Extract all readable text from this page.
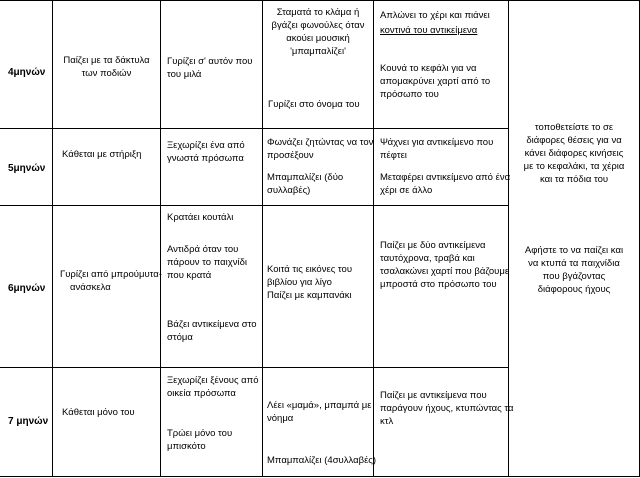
4μηνών
Παίζει με τα δάκτυλα
των ποδιών
Γυρίζει σ' αυτόν που
του μιλά
Σταματά το κλάμα ή
βγάζει φωνούλες όταν
ακούει μουσική
'μπαμπαλίζει'
Γυρίζει στο όνομα του
Απλώνει το χέρι και πιάνει
κοντινά του αντικείμενα
Κουνά το κεφάλι για να
απομακρύνει χαρτί από το
πρόσωπο του
5μηνών
Κάθεται με στήριξη
Ξεχωρίζει ένα από
γνωστά πρόσωπα
Φωνάζει ζητώντας να τον
προσέξουν
Μπαμπαλίζει (δύο
συλλαβές)
Ψάχνει για αντικείμενο που
πέφτει
Μεταφέρει αντικείμενο από ένα
χέρι σε άλλο
6μηνών
Γυρίζει από μπρούμυτα-
ανάσκελα
Κρατάει κουτάλι
Αντιδρά όταν του
πάρουν το παιχνίδι
που κρατά
Βάζει αντικείμενα στο
στόμα
Κοιτά τις εικόνες του
βιβλίου για λίγο
Παίζει με καμπανάκι
Παίζει με δύο αντικείμενα
ταυτόχρονα, τραβά και
τσαλακώνει χαρτί που βάζουμε
μπροστά στο πρόσωπο του
7 μηνών
Κάθεται μόνο του
Ξεχωρίζει ξένους από
οικεία πρόσωπα
Τρώει μόνο του
μπισκότο
Λέει «μαμά», μπαμπά με
νόημα
Μπαμπαλίζει (4συλλαβές)
Παίζει με αντικείμενα που
παράγουν ήχους, κτυπώντας τα
κτλ
τοποθετείστε το σε
διάφορες θέσεις για να
κάνει διάφορες κινήσεις
με το κεφαλάκι, τα χέρια
και τα πόδια του
Αφήστε το να παίζει και
να κτυπά τα παιχνίδια
που βγάζοντας
διάφορους ήχους
